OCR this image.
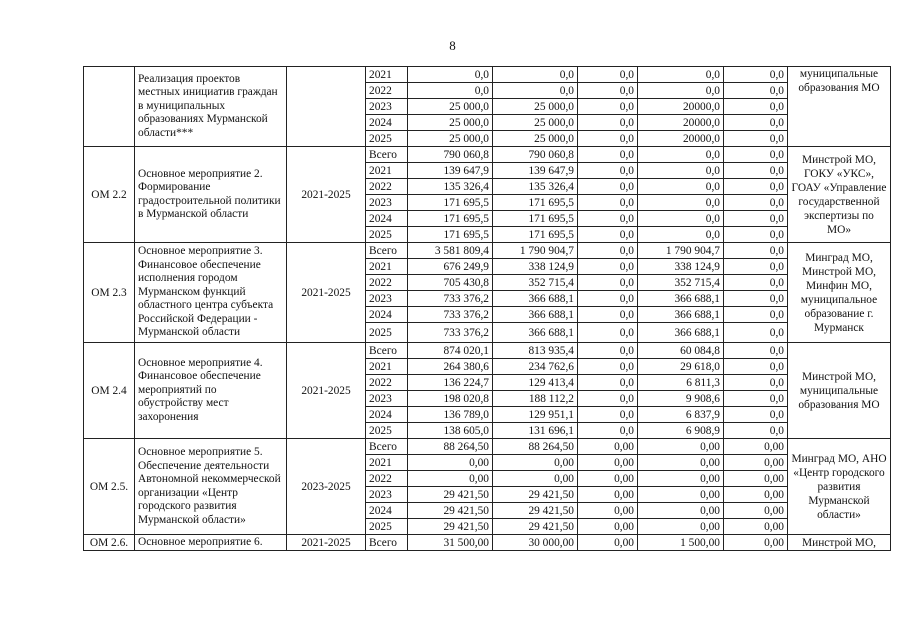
8
	Реализация проектов местных инициатив граждан в муниципальных образованиях Мурманской области***		2021	0,0	0,0	0,0	0,0	0,0	муниципальные образования МО
			2022	0,0	0,0	0,0	0,0	0,0	
			2023	25 000,0	25 000,0	0,0	20000,0	0,0	
			2024	25 000,0	25 000,0	0,0	20000,0	0,0	
			2025	25 000,0	25 000,0	0,0	20000,0	0,0	
ОМ 2.2	Основное мероприятие 2. Формирование градостроительной политики в Мурманской области	2021-2025	Всего	790 060,8	790 060,8	0,0	0,0	0,0	Минстрой МО, ГОКУ «УКС», ГОАУ «Управление государственной экспертизы по МО»
			2021	139 647,9	139 647,9	0,0	0,0	0,0	
			2022	135 326,4	135 326,4	0,0	0,0	0,0	
			2023	171 695,5	171 695,5	0,0	0,0	0,0	
			2024	171 695,5	171 695,5	0,0	0,0	0,0	
			2025	171 695,5	171 695,5	0,0	0,0	0,0	
ОМ 2.3	Основное мероприятие 3. Финансовое обеспечение исполнения городом Мурманском функций областного центра субъекта Российской Федерации - Мурманской области	2021-2025	Всего	3 581 809,4	1 790 904,7	0,0	1 790 904,7	0,0	Минград МО, Минстрой МО, Минфин МО, муниципальное образование г. Мурманск
			2021	676 249,9	338 124,9	0,0	338 124,9	0,0	
			2022	705 430,8	352 715,4	0,0	352 715,4	0,0	
			2023	733 376,2	366 688,1	0,0	366 688,1	0,0	
			2024	733 376,2	366 688,1	0,0	366 688,1	0,0	
			2025	733 376,2	366 688,1	0,0	366 688,1	0,0	
ОМ 2.4	Основное мероприятие 4. Финансовое обеспечение мероприятий по обустройству мест захоронения	2021-2025	Всего	874 020,1	813 935,4	0,0	60 084,8	0,0	Минстрой МО, муниципальные образования МО
			2021	264 380,6	234 762,6	0,0	29 618,0	0,0	
			2022	136 224,7	129 413,4	0,0	6 811,3	0,0	
			2023	198 020,8	188 112,2	0,0	9 908,6	0,0	
			2024	136 789,0	129 951,1	0,0	6 837,9	0,0	
			2025	138 605,0	131 696,1	0,0	6 908,9	0,0	
ОМ 2.5.	Основное мероприятие 5. Обеспечение деятельности Автономной некоммерческой организации «Центр городского развития Мурманской области»	2023-2025	Всего	88 264,50	88 264,50	0,00	0,00	0,00	Минград МО, АНО «Центр городского развития Мурманской области»
			2021	0,00	0,00	0,00	0,00	0,00	
			2022	0,00	0,00	0,00	0,00	0,00	
			2023	29 421,50	29 421,50	0,00	0,00	0,00	
			2024	29 421,50	29 421,50	0,00	0,00	0,00	
			2025	29 421,50	29 421,50	0,00	0,00	0,00	
ОМ 2.6.	Основное мероприятие 6.	2021-2025	Всего	31 500,00	30 000,00	0,00	1 500,00	0,00	Минстрой МО,
